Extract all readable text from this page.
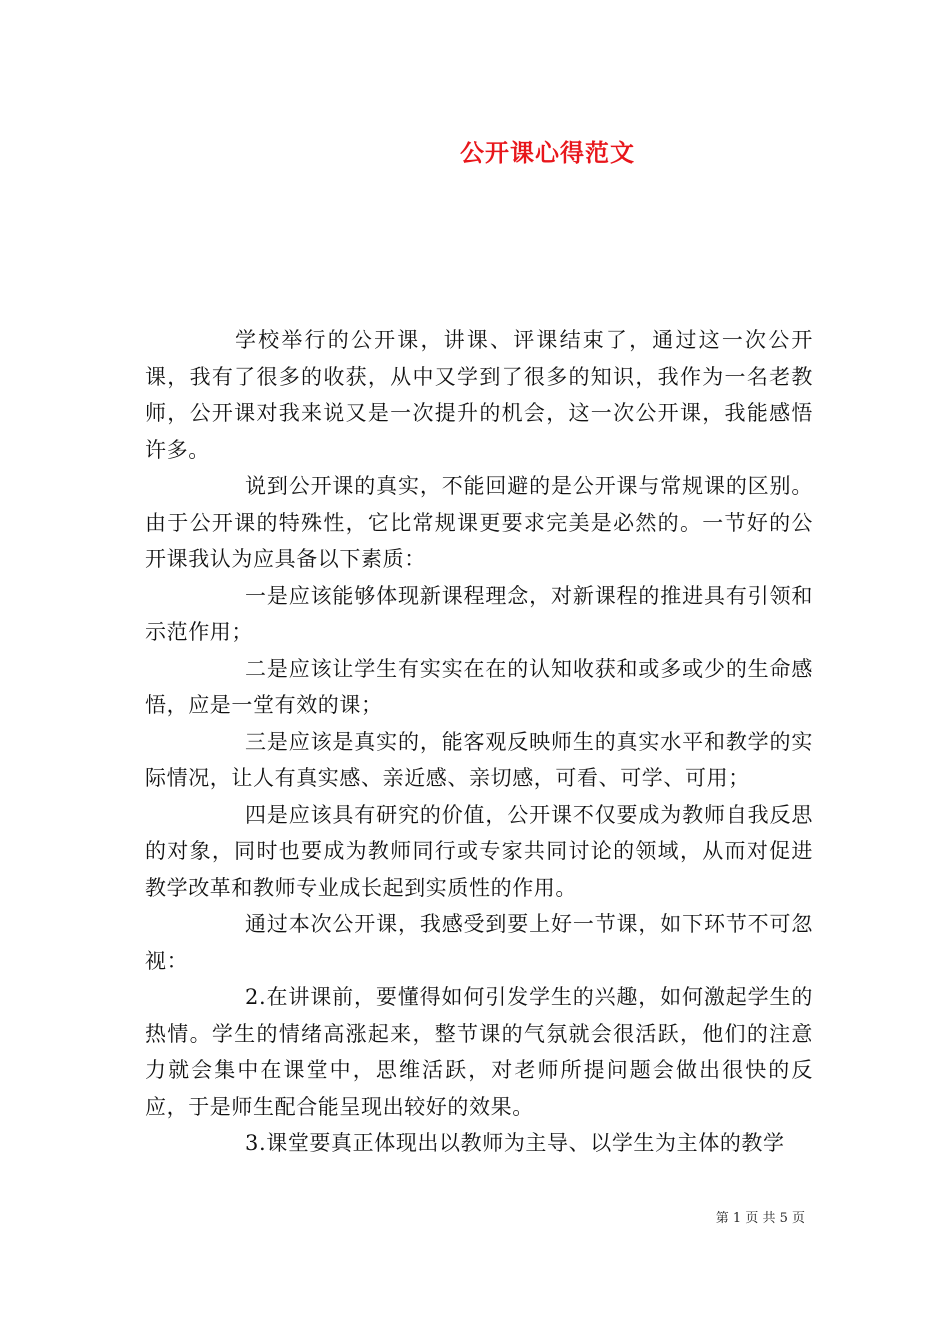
公开课心得范文

学校举行的公开课，讲课、评课结束了，通过这一次公开课，我有了很多的收获，从中又学到了很多的知识，我作为一名老教师，公开课对我来说又是一次提升的机会，这一次公开课，我能感悟许多。

说到公开课的真实，不能回避的是公开课与常规课的区别。由于公开课的特殊性，它比常规课更要求完美是必然的。一节好的公开课我认为应具备以下素质：

一是应该能够体现新课程理念，对新课程的推进具有引领和示范作用；

二是应该让学生有实实在在的认知收获和或多或少的生命感悟，应是一堂有效的课；

三是应该是真实的，能客观反映师生的真实水平和教学的实际情况，让人有真实感、亲近感、亲切感，可看、可学、可用；

四是应该具有研究的价值，公开课不仅要成为教师自我反思的对象，同时也要成为教师同行或专家共同讨论的领域，从而对促进教学改革和教师专业成长起到实质性的作用。

通过本次公开课，我感受到要上好一节课，如下环节不可忽视：

2.在讲课前，要懂得如何引发学生的兴趣，如何激起学生的热情。学生的情绪高涨起来，整节课的气氛就会很活跃，他们的注意力就会集中在课堂中，思维活跃，对老师所提问题会做出很快的反应，于是师生配合能呈现出较好的效果。

3.课堂要真正体现出以教师为主导、以学生为主体的教学

第 1 页 共 5 页
